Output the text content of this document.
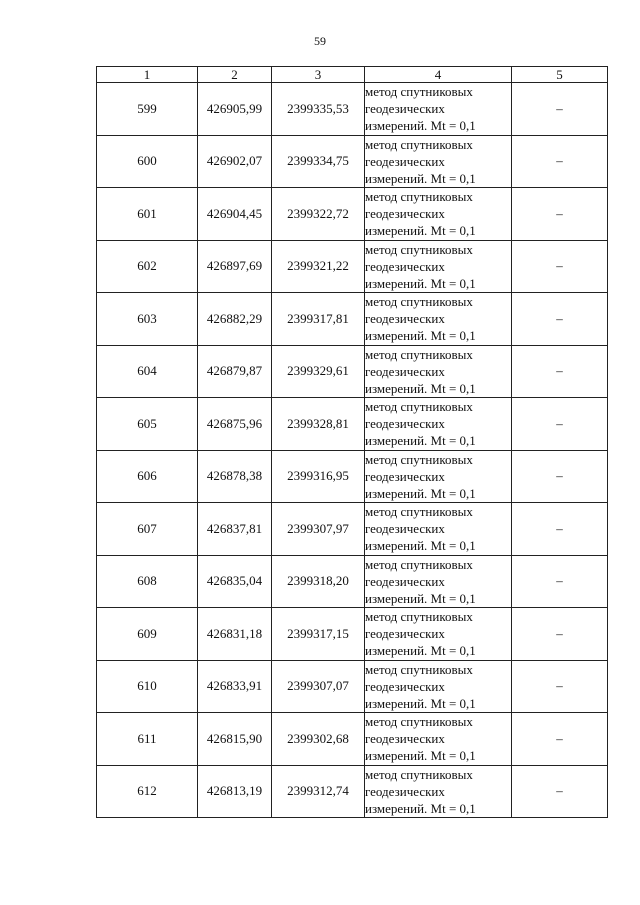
59
1	2	3	4	5
599	426905,99	2399335,53	метод спутниковых
геодезических
измерений. Mt = 0,1	–
600	426902,07	2399334,75	метод спутниковых
геодезических
измерений. Mt = 0,1	–
601	426904,45	2399322,72	метод спутниковых
геодезических
измерений. Mt = 0,1	–
602	426897,69	2399321,22	метод спутниковых
геодезических
измерений. Mt = 0,1	–
603	426882,29	2399317,81	метод спутниковых
геодезических
измерений. Mt = 0,1	–
604	426879,87	2399329,61	метод спутниковых
геодезических
измерений. Mt = 0,1	–
605	426875,96	2399328,81	метод спутниковых
геодезических
измерений. Mt = 0,1	–
606	426878,38	2399316,95	метод спутниковых
геодезических
измерений. Mt = 0,1	–
607	426837,81	2399307,97	метод спутниковых
геодезических
измерений. Mt = 0,1	–
608	426835,04	2399318,20	метод спутниковых
геодезических
измерений. Mt = 0,1	–
609	426831,18	2399317,15	метод спутниковых
геодезических
измерений. Mt = 0,1	–
610	426833,91	2399307,07	метод спутниковых
геодезических
измерений. Mt = 0,1	–
611	426815,90	2399302,68	метод спутниковых
геодезических
измерений. Mt = 0,1	–
612	426813,19	2399312,74	метод спутниковых
геодезических
измерений. Mt = 0,1	–
